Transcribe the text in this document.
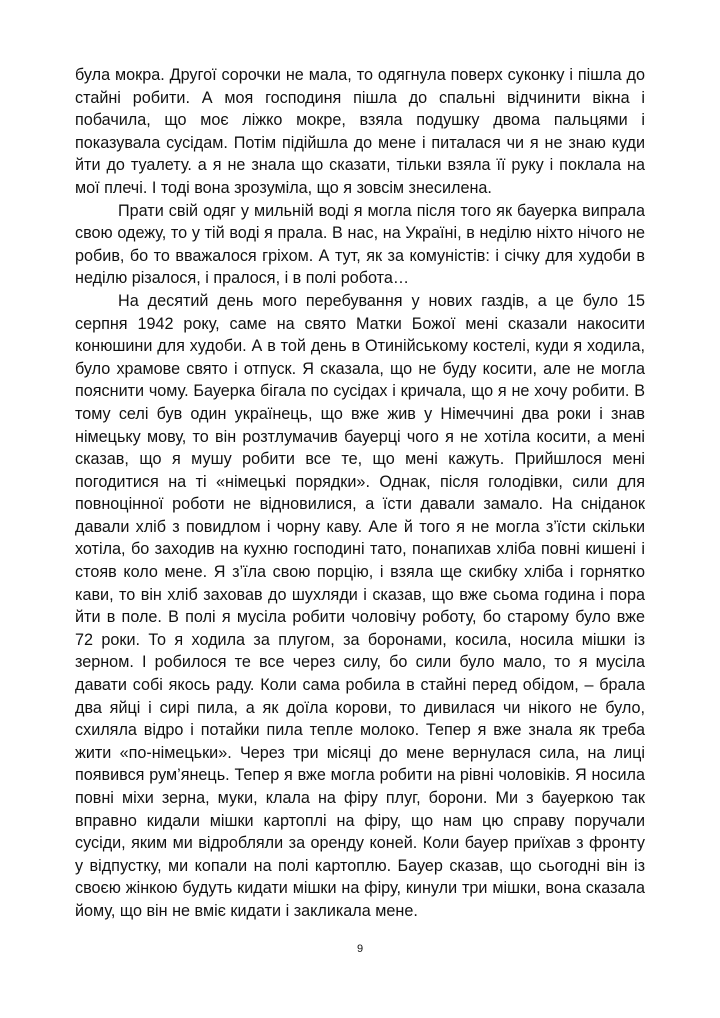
була мокра. Другої сорочки не мала, то одягнула поверх суконку і пішла до стайні робити. А моя господиня пішла до спальні відчинити вікна і побачила, що моє ліжко мокре, взяла подушку двома пальцями і показувала сусідам. Потім підійшла до мене і питалася чи я не знаю куди йти до туалету. а я не знала що сказати, тільки взяла її руку і поклала на мої плечі. І тоді вона зрозуміла, що я зовсім знесилена.

Прати свій одяг у мильній воді я могла після того як бауерка випрала свою одежу, то у тій воді я прала. В нас, на Україні, в неділю ніхто нічого не робив, бо то вважалося гріхом. А тут, як за комуністів: і січку для худоби в неділю різалося, і пралося, і в полі робота…

На десятий день мого перебування у нових газдів, а це було 15 серпня 1942 року, саме на свято Матки Божої мені сказали накосити конюшини для худоби. А в той день в Отинійському костелі, куди я ходила, було храмове свято і отпуск. Я сказала, що не буду косити, але не могла пояснити чому. Бауерка бігала по сусідах і кричала, що я не хочу робити. В тому селі був один українець, що вже жив у Німеччині два роки і знав німецьку мову, то він розтлумачив бауерці чого я не хотіла косити, а мені сказав, що я мушу робити все те, що мені кажуть. Прийшлося мені погодитися на ті «німецькі порядки». Однак, після голодівки, сили для повноцінної роботи не відновилися, а їсти давали замало. На сніданок давали хліб з повидлом і чорну каву. Але й того я не могла з’їсти скільки хотіла, бо заходив на кухню господині тато, понапихав хліба повні кишені і стояв коло мене. Я з’їла свою порцію, і взяла ще скибку хліба і горнятко кави, то він хліб заховав до шухляди і сказав, що вже сьома година і пора йти в поле. В полі я мусіла робити чоловічу роботу, бо старому було вже 72 роки. То я ходила за плугом, за боронами, косила, носила мішки із зерном. І робилося те все через силу, бо сили було мало, то я мусіла давати собі якось раду. Коли сама робила в стайні перед обідом, – брала два яйці і сирі пила, а як доїла корови, то дивилася чи нікого не було, схиляла відро і потайки пила тепле молоко. Тепер я вже знала як треба жити «по-німецьки». Через три місяці до мене вернулася сила, на лиці появився рум’янець. Тепер я вже могла робити на рівні чоловіків. Я носила повні міхи зерна, муки, клала на фіру плуг, борони. Ми з бауеркою так вправно кидали мішки картоплі на фіру, що нам цю справу поручали сусіди, яким ми відробляли за оренду коней. Коли бауер приїхав з фронту у відпустку, ми копали на полі картоплю. Бауер сказав, що сьогодні він із своєю жінкою будуть кидати мішки на фіру, кинули три мішки, вона сказала йому, що він не вміє кидати і закликала мене.

9
